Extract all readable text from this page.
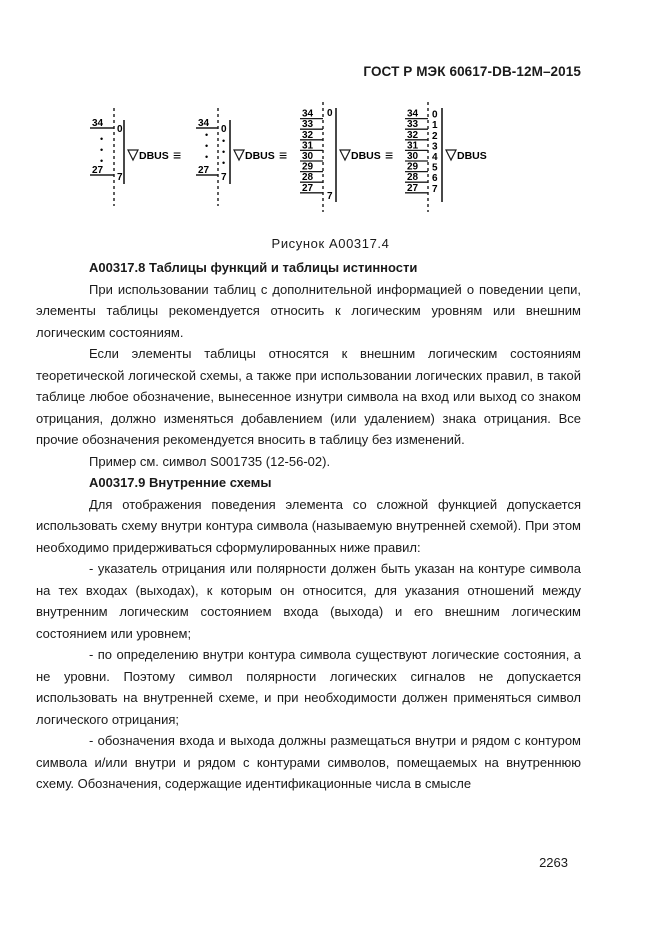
ГОСТ Р МЭК 60617-DB-12M–2015
34
27
•
•
•
0
7
DBUS ≡
34
27
•
•
•
0
7
•
•
•
DBUS ≡
34
33
32
31
30
29
28
27
0
7
DBUS ≡
34
33
32
31
30
29
28
27
0
1
2
3
4
5
6
7
DBUS
Рисунок А00317.4
А00317.8 Таблицы функций и таблицы истинности

При использовании таблиц с дополнительной информацией о поведении цепи, элементы таблицы рекомендуется относить к логическим уровням или внешним логическим состояниям.

Если элементы таблицы относятся к внешним логическим состояниям теоретической логической схемы, а также при использовании логических правил, в такой таблице любое обозначение, вынесенное изнутри символа на вход или выход со знаком отрицания, должно изменяться добавлением (или удалением) знака отрицания. Все прочие обозначения рекомендуется вносить в таблицу без изменений.

Пример см. символ S001735 (12-56-02).

А00317.9 Внутренние схемы

Для отображения поведения элемента со сложной функцией допускается использовать схему внутри контура символа (называемую внутренней схемой). При этом необходимо придерживаться сформулированных ниже правил:

- указатель отрицания или полярности должен быть указан на контуре символа на тех входах (выходах), к которым он относится, для указания отношений между внутренним логическим состоянием входа (выхода) и его внешним логическим состоянием или уровнем;

- по определению внутри контура символа существуют логические состояния, а не уровни. Поэтому символ полярности логических сигналов не допускается использовать на внутренней схеме, и при необходимости должен применяться символ логического отрицания;

- обозначения входа и выхода должны размещаться внутри и рядом с контуром символа и/или внутри и рядом с контурами символов, помещаемых на внутреннюю схему. Обозначения, содержащие идентификационные числа в смысле

2263
